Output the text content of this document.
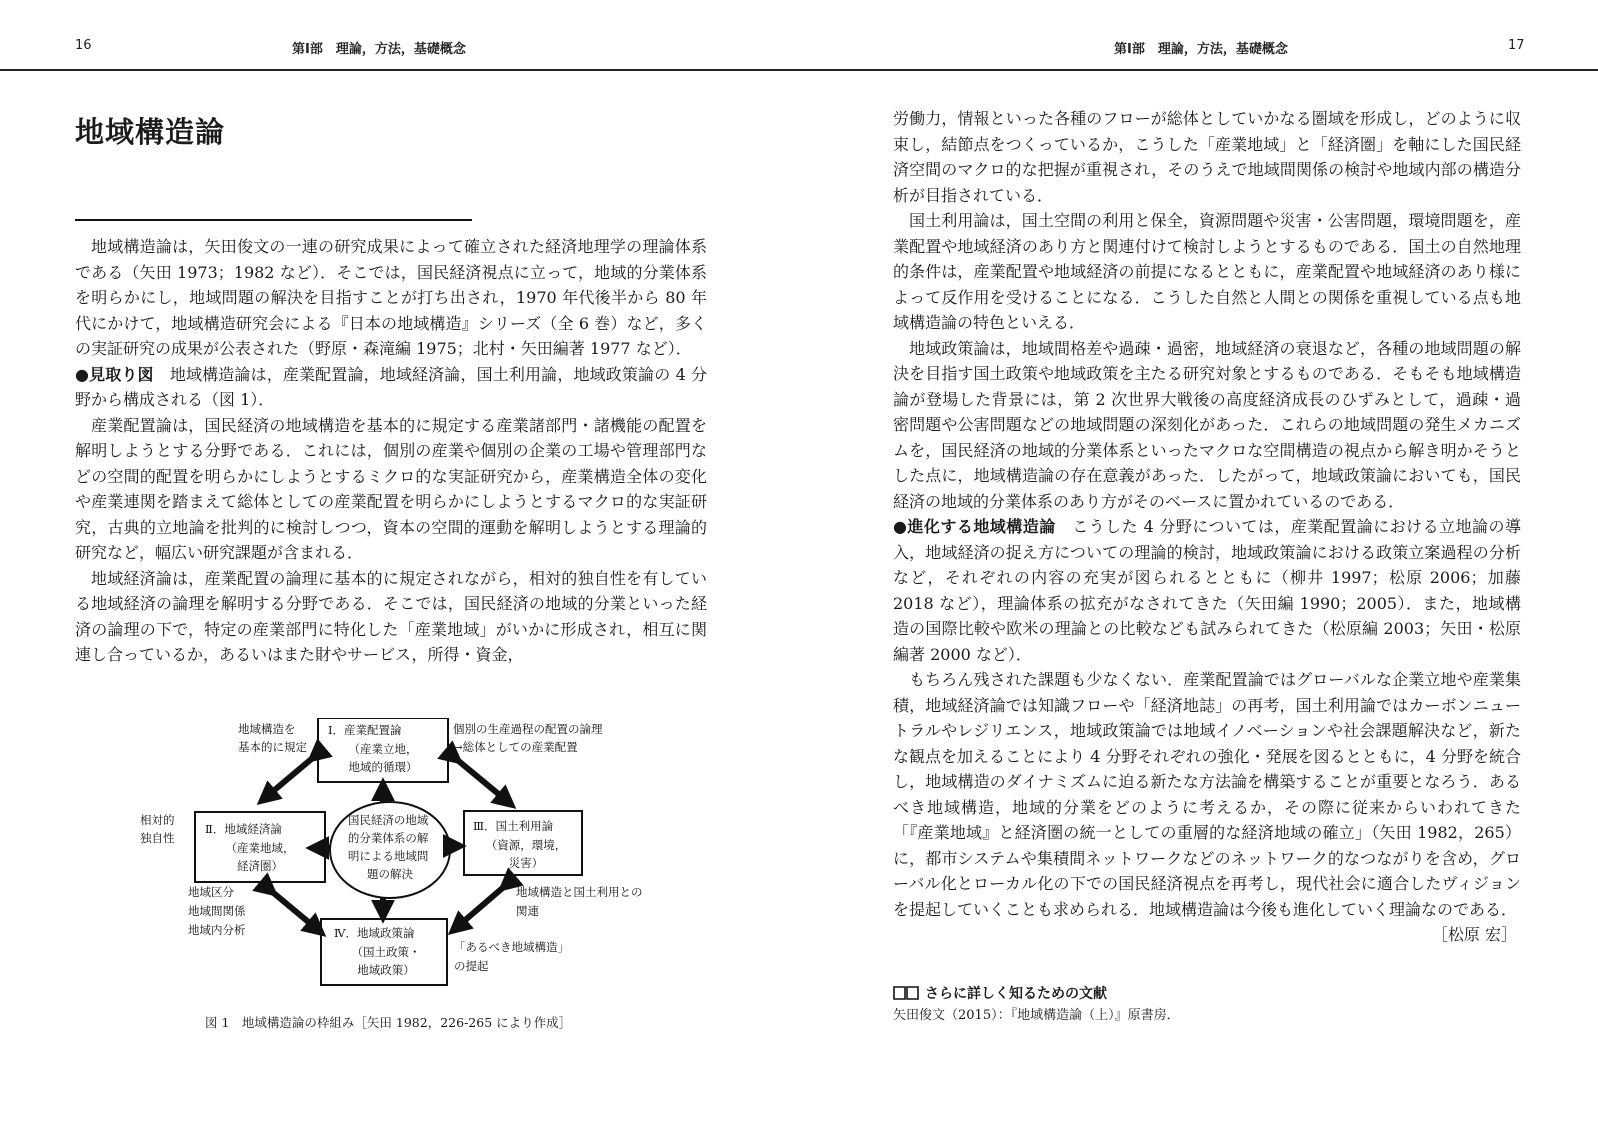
16	第Ⅰ部　理論，方法，基礎概念
地域構造論

地域構造論は，矢田俊文の一連の研究成果によって確立された経済地理学の理論体系である（矢田 1973；1982 など）．そこでは，国民経済視点に立って，地域的分業体系を明らかにし，地域問題の解決を目指すことが打ち出され，1970 年代後半から 80 年代にかけて，地域構造研究会による『日本の地域構造』シリーズ（全 6 巻）など，多くの実証研究の成果が公表された（野原・森滝編 1975；北村・矢田編著 1977 など）．

●見取り図　 地域構造論は，産業配置論，地域経済論，国土利用論，地域政策論の 4 分野から構成される（図 1）．

産業配置論は，国民経済の地域構造を基本的に規定する産業諸部門・諸機能の配置を解明しようとする分野である．これには，個別の産業や個別の企業の工場や管理部門などの空間的配置を明らかにしようとするミクロ的な実証研究から，産業構造全体の変化や産業連関を踏まえて総体としての産業配置を明らかにしようとするマクロ的な実証研究，古典的立地論を批判的に検討しつつ，資本の空間的運動を解明しようとする理論的研究など，幅広い研究課題が含まれる．

地域経済論は，産業配置の論理に基本的に規定されながら，相対的独自性を有している地域経済の論理を解明する分野である．そこでは，国民経済の地域的分業といった経済の論理の下で，特定の産業部門に特化した「産業地域」がいかに形成され，相互に関連し合っているか，あるいはまた財やサービス，所得・資金，

国民経済の地域 的分業体系の解 明による地域問 題の解決
Ⅰ．産業配置論
（産業立地，
地域的循環）
Ⅱ．地域経済論
（産業地域，
経済圏）
Ⅲ．国土利用論
（資源，環境，
災害）
Ⅳ．地域政策論
（国土政策・
地域政策）
地域構造を 基本的に規定
個別の生産過程の配置の論理 →総体としての産業配置
相対的 独自性
地域区分 地域間関係 地域内分析
地域構造と国土利用との 関連
「あるべき地域構造」 の提起

図 1　地域構造論の枠組み［矢田 1982，226-265 により作成］

第Ⅰ部　理論，方法，基礎概念	17

労働力，情報といった各種のフローが総体としていかなる圏域を形成し，どのように収束し，結節点をつくっているか，こうした「産業地域」と「経済圏」を軸にした国民経済空間のマクロ的な把握が重視され，そのうえで地域間関係の検討や地域内部の構造分析が目指されている．

国土利用論は，国土空間の利用と保全，資源問題や災害・公害問題，環境問題を，産業配置や地域経済のあり方と関連付けて検討しようとするものである．国土の自然地理的条件は，産業配置や地域経済の前提になるとともに，産業配置や地域経済のあり様によって反作用を受けることになる．こうした自然と人間との関係を重視している点も地域構造論の特色といえる．

地域政策論は，地域間格差や過疎・過密，地域経済の衰退など，各種の地域問題の解決を目指す国土政策や地域政策を主たる研究対象とするものである．そもそも地域構造論が登場した背景には，第 2 次世界大戦後の高度経済成長のひずみとして，過疎・過密問題や公害問題などの地域問題の深刻化があった．これらの地域問題の発生メカニズムを，国民経済の地域的分業体系といったマクロな空間構造の視点から解き明かそうとした点に，地域構造論の存在意義があった．したがって，地域政策論においても，国民経済の地域的分業体系のあり方がそのベースに置かれているのである．

●進化する地域構造論　 こうした 4 分野については，産業配置論における立地論の導入，地域経済の捉え方についての理論的検討，地域政策論における政策立案過程の分析など，それぞれの内容の充実が図られるとともに（柳井 1997；松原 2006；加藤 2018 など），理論体系の拡充がなされてきた（矢田編 1990；2005）．また，地域構造の国際比較や欧米の理論との比較なども試みられてきた（松原編 2003；矢田・松原編著 2000 など）．

もちろん残された課題も少なくない．産業配置論ではグローバルな企業立地や産業集積，地域経済論では知識フローや「経済地誌」の再考，国土利用論ではカーボンニュートラルやレジリエンス，地域政策論では地域イノベーションや社会課題解決など，新たな観点を加えることにより 4 分野それぞれの強化・発展を図るとともに，4 分野を統合し，地域構造のダイナミズムに迫る新たな方法論を構築することが重要となろう．あるべき地域構造，地域的分業をどのように考えるか，その際に従来からいわれてきた「『産業地域』と経済圏の統一としての重層的な経済地域の確立」（矢田 1982，265）に，都市システムや集積間ネットワークなどのネットワーク的なつながりを含め，グローバル化とローカル化の下での国民経済視点を再考し，現代社会に適合したヴィジョンを提起していくことも求められる．地域構造論は今後も進化していく理論なのである．
［松原 宏］

さらに詳しく知るための文献

矢田俊文（2015）：『地域構造論（上）』原書房．
